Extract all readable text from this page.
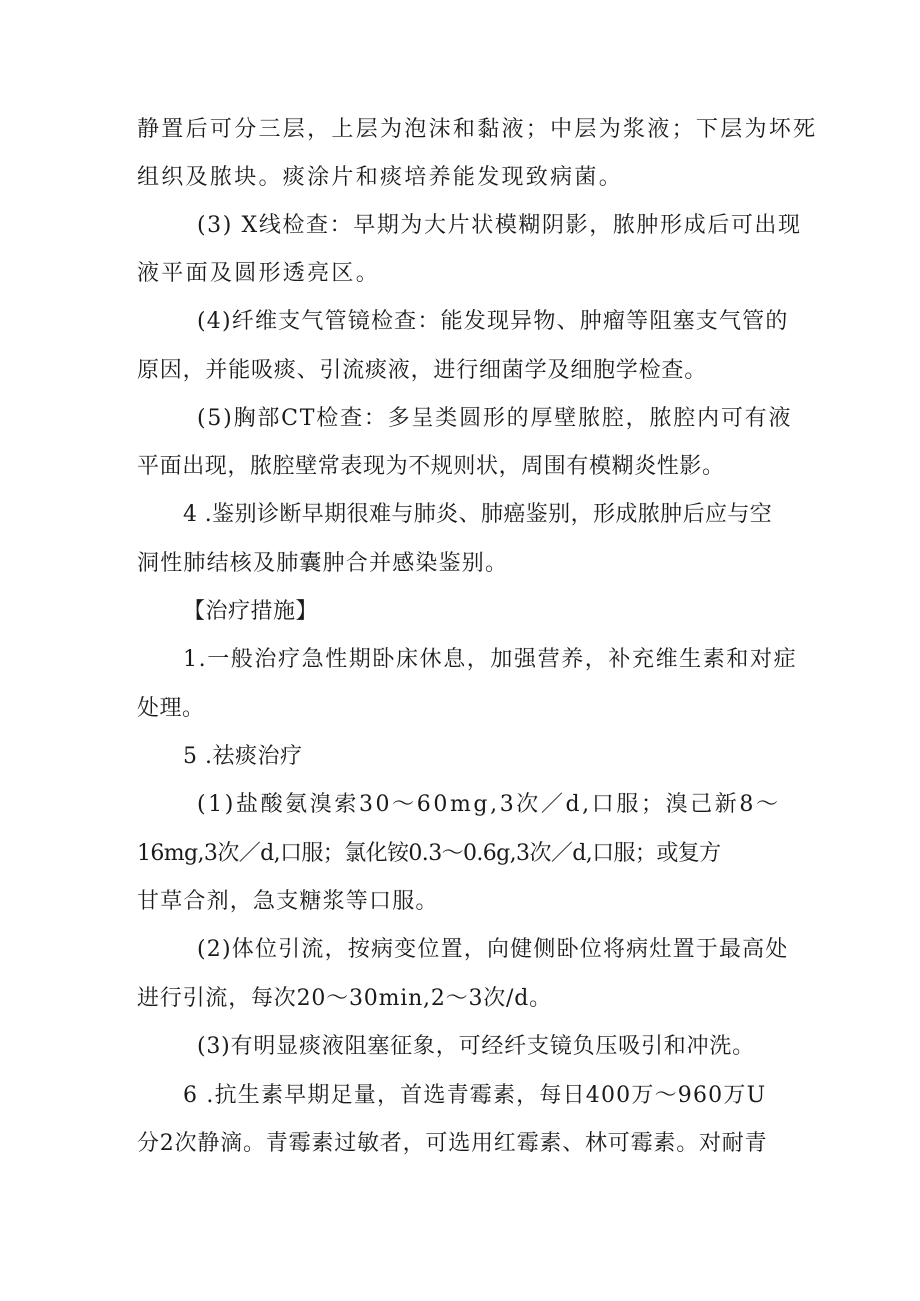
静置后可分三层，上层为泡沫和黏液；中层为浆液；下层为坏死
组织及脓块。痰涂片和痰培养能发现致病菌。
(3) X线检查：早期为大片状模糊阴影，脓肿形成后可出现
液平面及圆形透亮区。
(4)纤维支气管镜检查：能发现异物、肿瘤等阻塞支气管的
原因，并能吸痰、引流痰液，进行细菌学及细胞学检查。
(5)胸部CT检查：多呈类圆形的厚壁脓腔，脓腔内可有液
平面出现，脓腔壁常表现为不规则状，周围有模糊炎性影。
4 .鉴别诊断早期很难与肺炎、肺癌鉴别，形成脓肿后应与空
洞性肺结核及肺囊肿合并感染鉴别。
【治疗措施】
1.一般治疗急性期卧床休息，加强营养，补充维生素和对症
处理。
5 .祛痰治疗
(1)盐酸氨溴索30～60mg,3次／d,口服；溴己新8～
16mg,3次／d,口服；氯化铵0.3～0.6g,3次／d,口服；或复方
甘草合剂，急支糖浆等口服。
(2)体位引流，按病变位置，向健侧卧位将病灶置于最高处
进行引流，每次20～30min,2～3次/d。
(3)有明显痰液阻塞征象，可经纤支镜负压吸引和冲洗。
6 .抗生素早期足量，首选青霉素，每日400万～960万U
分2次静滴。青霉素过敏者，可选用红霉素、林可霉素。对耐青
